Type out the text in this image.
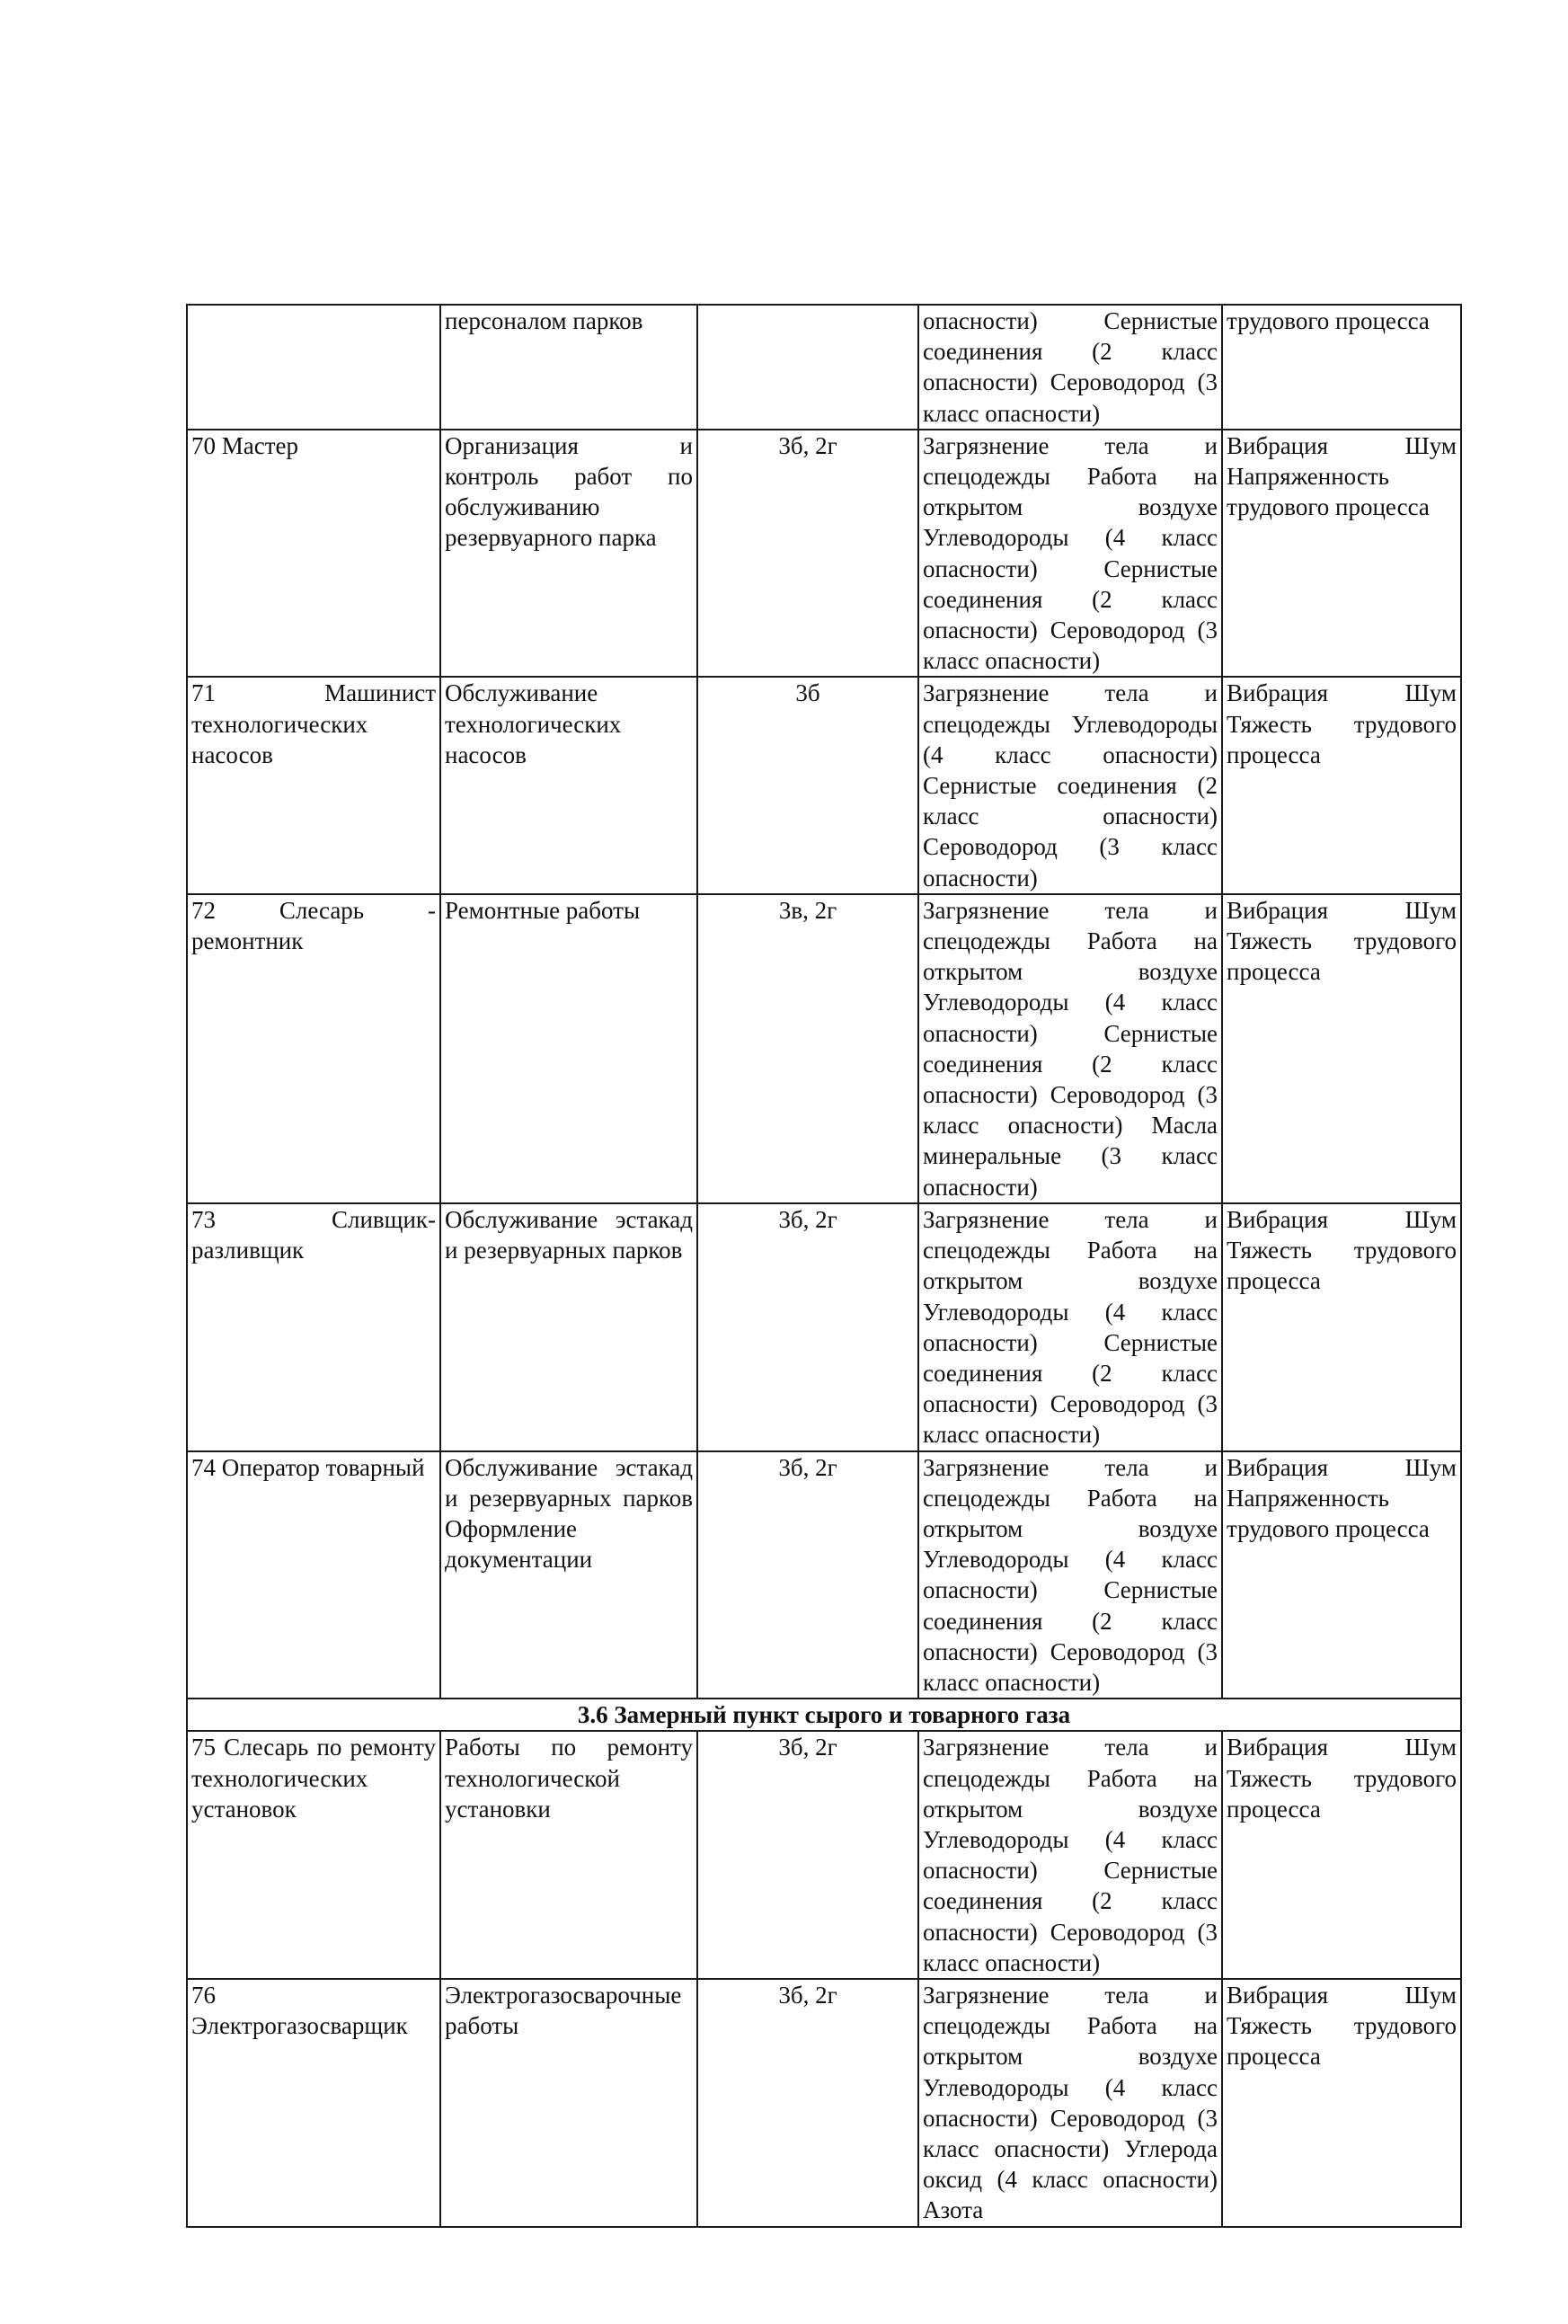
	персоналом парков		опасности) Сернистые соединения (2 класс опасности) Сероводород (3 класс опасности)	трудового процесса
70 Мастер	Организация и контроль работ по обслуживанию резервуарного парка	3б, 2г	Загрязнение тела и спецодежды Работа на открытом воздухе Углеводороды (4 класс опасности) Сернистые соединения (2 класс опасности) Сероводород (3 класс опасности)	Вибрация Шум Напряженность трудового процесса
71 Машинист технологических насосов	Обслуживание технологических насосов	3б	Загрязнение тела и спецодежды Углеводороды (4 класс опасности) Сернистые соединения (2 класс опасности) Сероводород (3 класс опасности)	Вибрация Шум Тяжесть трудового процесса
72 Слесарь - ремонтник	Ремонтные работы	3в, 2г	Загрязнение тела и спецодежды Работа на открытом воздухе Углеводороды (4 класс опасности) Сернистые соединения (2 класс опасности) Сероводород (3 класс опасности) Масла минеральные (3 класс опасности)	Вибрация Шум Тяжесть трудового процесса
73 Сливщик-разливщик	Обслуживание эстакад и резервуарных парков	3б, 2г	Загрязнение тела и спецодежды Работа на открытом воздухе Углеводороды (4 класс опасности) Сернистые соединения (2 класс опасности) Сероводород (3 класс опасности)	Вибрация Шум Тяжесть трудового процесса
74 Оператор товарный	Обслуживание эстакад и резервуарных парков Оформление документации	3б, 2г	Загрязнение тела и спецодежды Работа на открытом воздухе Углеводороды (4 класс опасности) Сернистые соединения (2 класс опасности) Сероводород (3 класс опасности)	Вибрация Шум Напряженность трудового процесса
3.6 Замерный пункт сырого и товарного газа				
75 Слесарь по ремонту технологических установок	Работы по ремонту технологической установки	3б, 2г	Загрязнение тела и спецодежды Работа на открытом воздухе Углеводороды (4 класс опасности) Сернистые соединения (2 класс опасности) Сероводород (3 класс опасности)	Вибрация Шум Тяжесть трудового процесса
76 Электрогазосварщик	Электрогазосварочные работы	3б, 2г	Загрязнение тела и спецодежды Работа на открытом воздухе Углеводороды (4 класс опасности) Сероводород (3 класс опасности) Углерода оксид (4 класс опасности) Азота	Вибрация Шум Тяжесть трудового процесса
